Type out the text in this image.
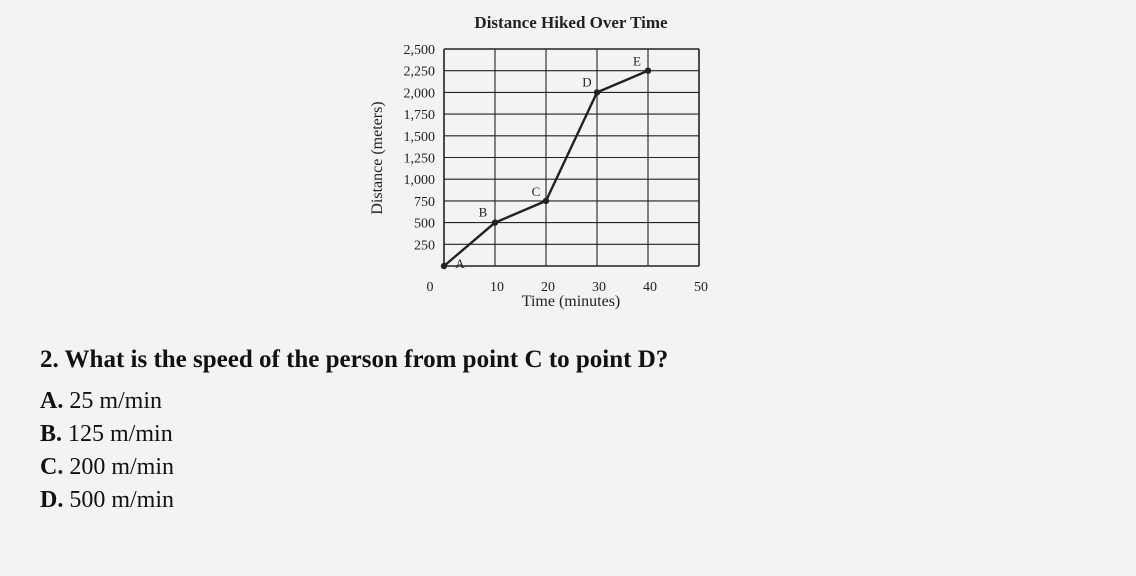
Distance Hiked Over Time
250
500
750
1,000
1,250
1,500
1,750
2,000
2,250
2,500
0	10	20	30	40	50
A
B
C
D
E
Time (minutes)
Distance (meters)
2. What is the speed of the person from point C to point D?
A. 25 m/min
B. 125 m/min
C. 200 m/min
D. 500 m/min
